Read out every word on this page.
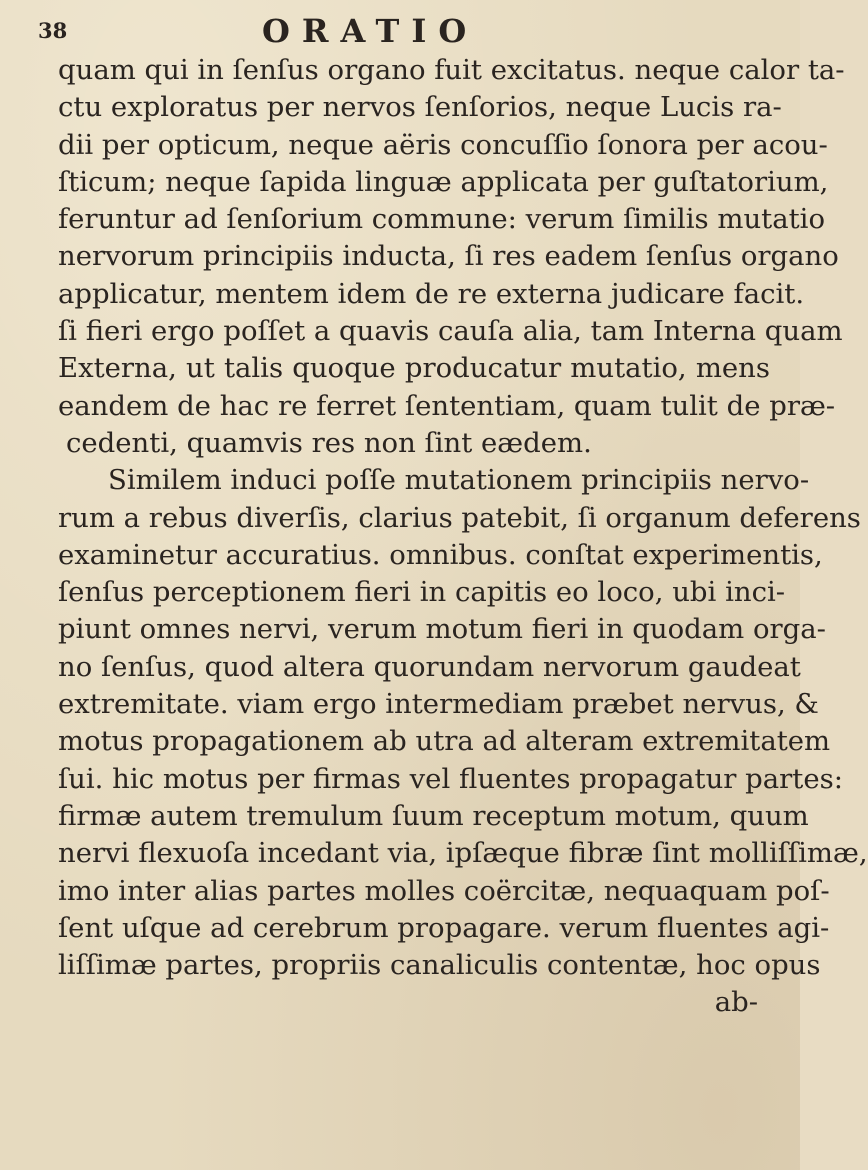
38	ORATIO
quam qui in ſenſus organo fuit excitatus. neque calor ta-
ctu exploratus per nervos ſenſorios, neque Lucis ra-
dii per opticum, neque aëris concuſſio ſonora per acou-
ſticum; neque ſapida linguæ applicata per guſtatorium,
feruntur ad ſenſorium commune: verum ſimilis mutatio
nervorum principiis inducta, ſi res eadem ſenſus organo
applicatur, mentem idem de re externa judicare facit.
ſi fieri ergo poſſet a quavis cauſa alia, tam Interna quam
Externa, ut talis quoque producatur mutatio, mens
eandem de hac re ferret ſententiam, quam tulit de præ-
cedenti, quamvis res non ſint eædem.
Similem induci poſſe mutationem principiis nervo-
rum a rebus diverſis, clarius patebit, ſi organum deferens
examinetur accuratius. omnibus. conſtat experimentis,
ſenſus perceptionem fieri in capitis eo loco, ubi inci-
piunt omnes nervi, verum motum fieri in quodam orga-
no ſenſus, quod altera quorundam nervorum gaudeat
extremitate. viam ergo intermediam præbet nervus, &
motus propagationem ab utra ad alteram extremitatem
ſui. hic motus per firmas vel fluentes propagatur partes:
firmæ autem tremulum ſuum receptum motum, quum
nervi flexuoſa incedant via, ipſæque fibræ ſint molliſſimæ,
imo inter alias partes molles coërcitæ, nequaquam poſ-
ſent uſque ad cerebrum propagare. verum fluentes agi-
liſſimæ partes, propriis canaliculis contentæ, hoc opus
ab-
